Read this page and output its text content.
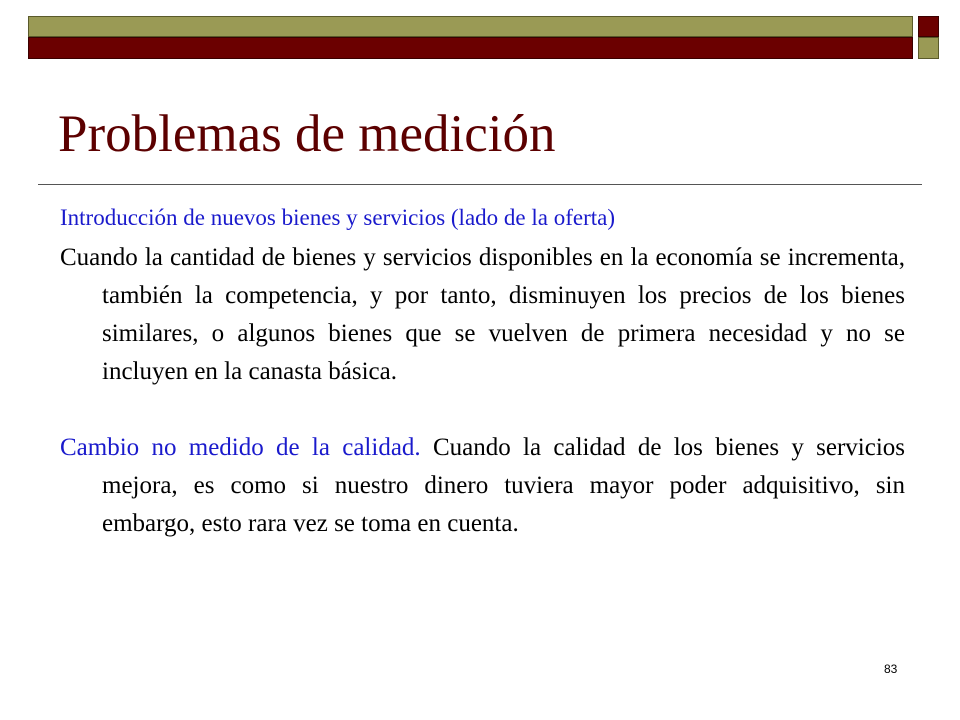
Problemas de medición

Introducción de nuevos bienes y servicios (lado de la oferta)

Cuando la cantidad de bienes y servicios disponibles en la economía se incrementa, también la competencia, y por tanto, disminuyen los precios de los bienes similares, o algunos bienes que se vuelven de primera necesidad y no se incluyen en la canasta básica.

Cambio no medido de la calidad. Cuando la calidad de los bienes y servicios mejora, es como si nuestro dinero tuviera mayor poder adquisitivo, sin embargo, esto rara vez se toma en cuenta.

83
